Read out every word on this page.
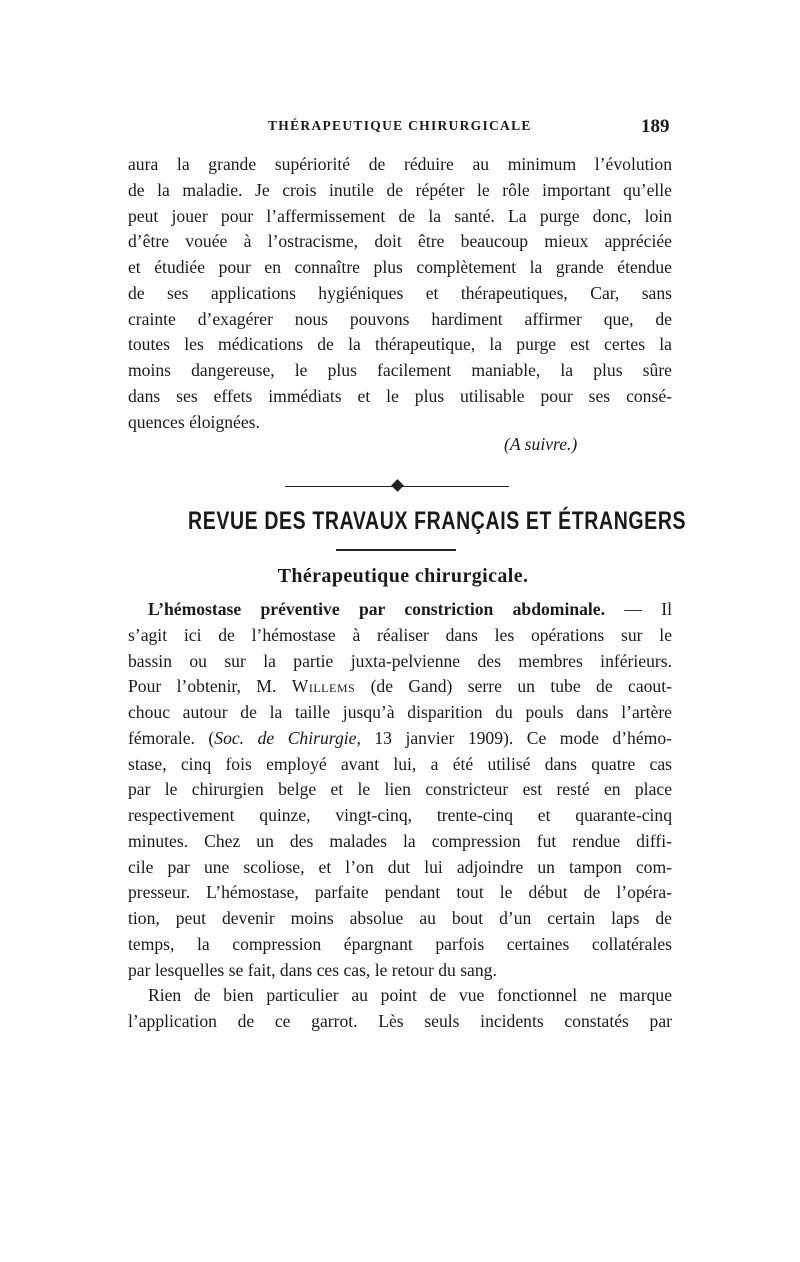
THÉRAPEUTIQUE CHIRURGICALE	189
aura la grande supériorité de réduire au minimum l’évolution
de la maladie. Je crois inutile de répéter le rôle important qu’elle
peut jouer pour l’affermissement de la santé. La purge donc, loin
d’être vouée à l’ostracisme, doit être beaucoup mieux appréciée
et étudiée pour en connaître plus complètement la grande étendue
de ses applications hygiéniques et thérapeutiques, Car, sans
crainte d’exagérer nous pouvons hardiment affirmer que, de
toutes les médications de la thérapeutique, la purge est certes la
moins dangereuse, le plus facilement maniable, la plus sûre
dans ses effets immédiats et le plus utilisable pour ses consé-
quences éloignées.
(A suivre.)
REVUE DES TRAVAUX FRANÇAIS ET ÉTRANGERS
Thérapeutique chirurgicale.
L’hémostase préventive par constriction abdominale. — Il
s’agit ici de l’hémostase à réaliser dans les opérations sur le
bassin ou sur la partie juxta-pelvienne des membres inférieurs.
Pour l’obtenir, M. Willems (de Gand) serre un tube de caout-
chouc autour de la taille jusqu’à disparition du pouls dans l’artère
fémorale. (Soc. de Chirurgie, 13 janvier 1909). Ce mode d’hémo-
stase, cinq fois employé avant lui, a été utilisé dans quatre cas
par le chirurgien belge et le lien constricteur est resté en place
respectivement quinze, vingt-cinq, trente-cinq et quarante-cinq
minutes. Chez un des malades la compression fut rendue diffi-
cile par une scoliose, et l’on dut lui adjoindre un tampon com-
presseur. L’hémostase, parfaite pendant tout le début de l’opéra-
tion, peut devenir moins absolue au bout d’un certain laps de
temps, la compression épargnant parfois certaines collatérales
par lesquelles se fait, dans ces cas, le retour du sang.
Rien de bien particulier au point de vue fonctionnel ne marque
l’application de ce garrot. Lès seuls incidents constatés par
